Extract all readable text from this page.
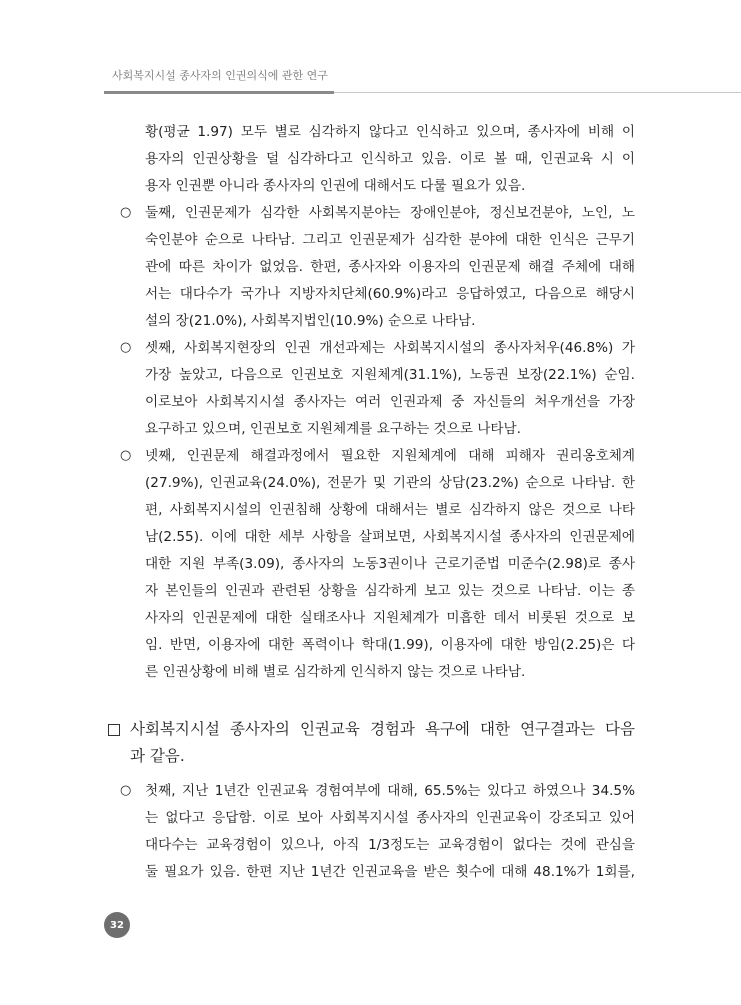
사회복지시설 종사자의 인권의식에 관한 연구
황(평균 1.97) 모두 별로 심각하지 않다고 인식하고 있으며, 종사자에 비해 이
용자의 인권상황을 덜 심각하다고 인식하고 있음. 이로 볼 때, 인권교육 시 이
용자 인권뿐 아니라 종사자의 인권에 대해서도 다룰 필요가 있음.
○ 둘째, 인권문제가 심각한 사회복지분야는 장애인분야, 정신보건분야, 노인, 노
숙인분야 순으로 나타남. 그리고 인권문제가 심각한 분야에 대한 인식은 근무기
관에 따른 차이가 없었음. 한편, 종사자와 이용자의 인권문제 해결 주체에 대해
서는 대다수가 국가나 지방자치단체(60.9%)라고 응답하였고, 다음으로 해당시
설의 장(21.0%), 사회복지법인(10.9%) 순으로 나타남.
○ 셋째, 사회복지현장의 인권 개선과제는 사회복지시설의 종사자처우(46.8%) 가
가장 높았고, 다음으로 인권보호 지원체계(31.1%), 노동권 보장(22.1%) 순임.
이로보아 사회복지시설 종사자는 여러 인권과제 중 자신들의 처우개선을 가장
요구하고 있으며, 인권보호 지원체계를 요구하는 것으로 나타남.
○ 넷째, 인권문제 해결과정에서 필요한 지원체계에 대해 피해자 권리옹호체계
(27.9%), 인권교육(24.0%), 전문가 및 기관의 상담(23.2%) 순으로 나타남. 한
편, 사회복지시설의 인권침해 상황에 대해서는 별로 심각하지 않은 것으로 나타
남(2.55). 이에 대한 세부 사항을 살펴보면, 사회복지시설 종사자의 인권문제에
대한 지원 부족(3.09), 종사자의 노동3권이나 근로기준법 미준수(2.98)로 종사
자 본인들의 인권과 관련된 상황을 심각하게 보고 있는 것으로 나타남. 이는 종
사자의 인권문제에 대한 실태조사나 지원체계가 미흡한 데서 비롯된 것으로 보
임. 반면, 이용자에 대한 폭력이나 학대(1.99), 이용자에 대한 방임(2.25)은 다
른 인권상황에 비해 별로 심각하게 인식하지 않는 것으로 나타남.
사회복지시설 종사자의 인권교육 경험과 욕구에 대한 연구결과는 다음
과 같음.
○ 첫째, 지난 1년간 인권교육 경험여부에 대해, 65.5%는 있다고 하였으나 34.5%
는 없다고 응답함. 이로 보아 사회복지시설 종사자의 인권교육이 강조되고 있어
대다수는 교육경험이 있으나, 아직 1/3정도는 교육경험이 없다는 것에 관심을
둘 필요가 있음. 한편 지난 1년간 인권교육을 받은 횟수에 대해 48.1%가 1회를,
32
